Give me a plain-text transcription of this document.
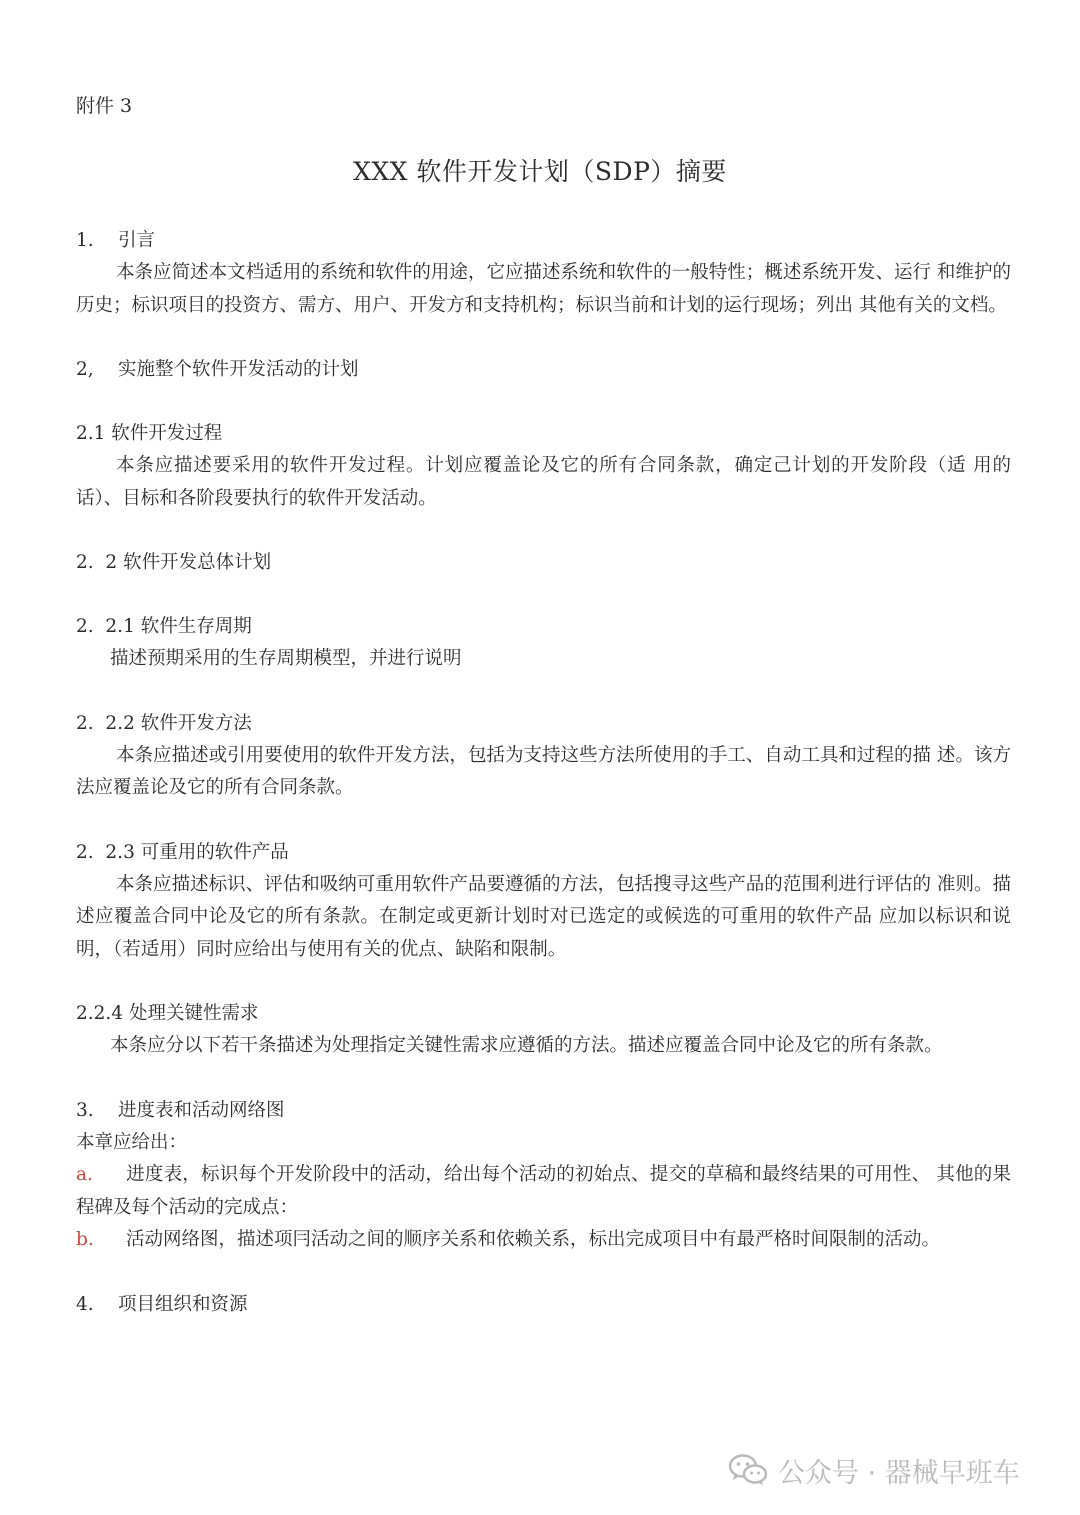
附件 3
XXX 软件开发计划（SDP）摘要
1. 引言
本条应简述本文档适用的系统和软件的用途，它应描述系统和软件的一般特性；概述系统开发、运行 和维护的历史；标识项目的投资方、需方、用户、开发方和支持机构；标识当前和计划的运行现场；列出 其他有关的文档。
2, 实施整个软件开发活动的计划
2.1 软件开发过程
本条应描述要采用的软件开发过程。计划应覆盖论及它的所有合同条款，确定己计划的开发阶段（适 用的话）、目标和各阶段要执行的软件开发活动。
2.  2 软件开发总体计划
2.  2.1 软件生存周期
描述预期采用的生存周期模型，并进行说明
2.  2.2 软件开发方法
本条应描述或引用要使用的软件开发方法，包括为支持这些方法所使用的手工、自动工具和过程的描 述。该方法应覆盖论及它的所有合同条款。
2.  2.3 可重用的软件产品
本条应描述标识、评估和吸纳可重用软件产品要遵循的方法，包括搜寻这些产品的范围利进行评估的 准则。描述应覆盖合同中论及它的所有条款。在制定或更新计划时对已选定的或候选的可重用的软件产品 应加以标识和说明，（若适用）同时应给出与使用有关的优点、缺陷和限制。
2.2.4 处理关键性需求
本条应分以下若干条描述为处理指定关键性需求应遵循的方法。描述应覆盖合同中论及它的所有条款。
3. 进度表和活动网络图
本章应给出：
a. 进度表，标识每个开发阶段中的活动，给出每个活动的初始点、提交的草稿和最终结果的可用性、 其他的果程碑及每个活动的完成点：
b. 活动网络图，描述项冃活动之间的顺序关系和依赖关系，标出完成项目中有最严格时间限制的活动。
4. 项目组织和资源
公众号 · 器械早班车
